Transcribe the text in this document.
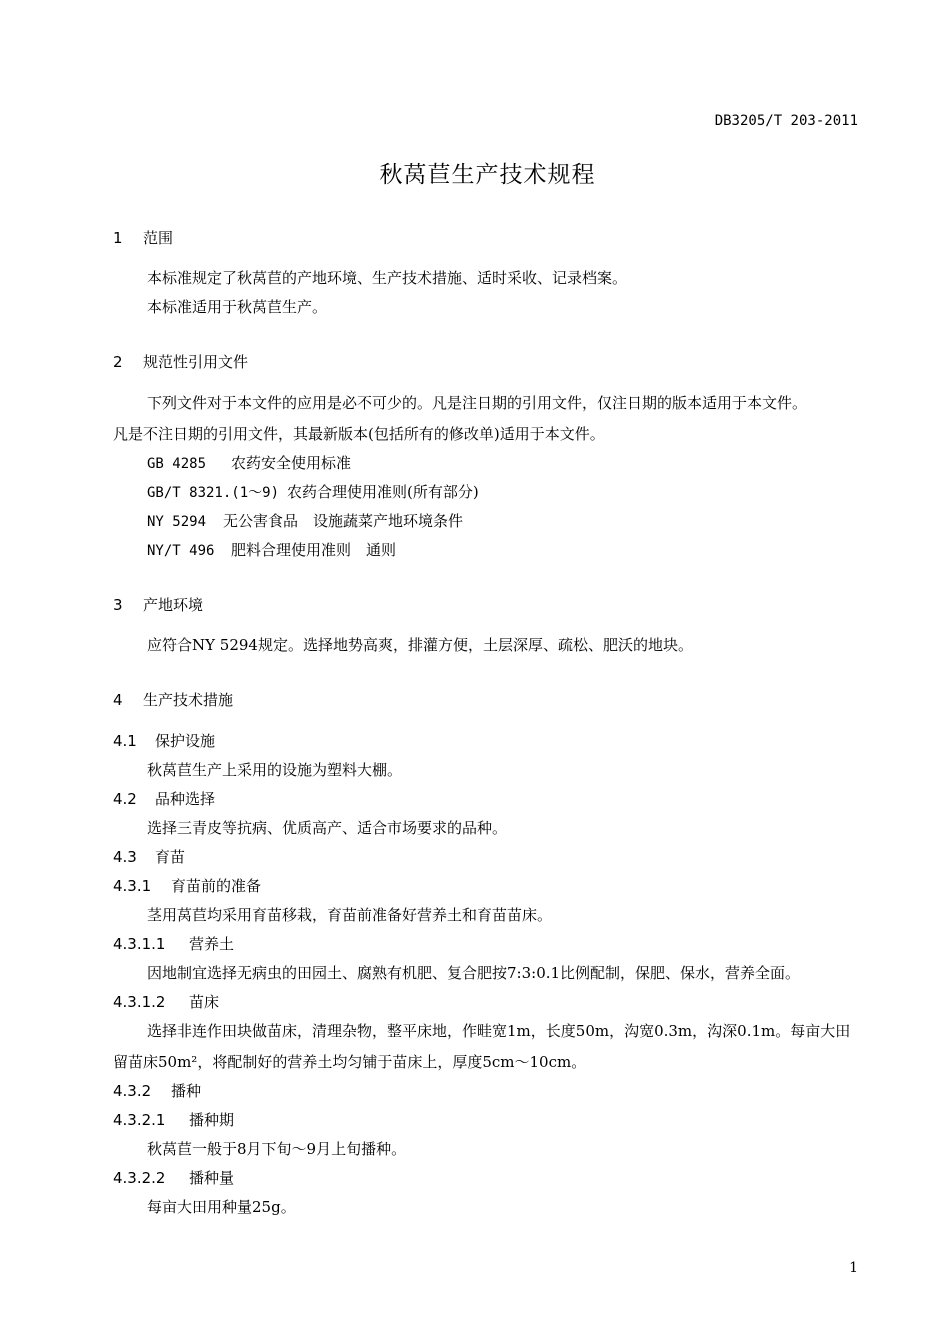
DB3205/T 203-2011
秋莴苣生产技术规程
1 范围
本标准规定了秋莴苣的产地环境、生产技术措施、适时采收、记录档案。
本标准适用于秋莴苣生产。
2 规范性引用文件
下列文件对于本文件的应用是必不可少的。凡是注日期的引用文件，仅注日期的版本适用于本文件。
凡是不注日期的引用文件，其最新版本(包括所有的修改单)适用于本文件。
GB 4285 农药安全使用标准
GB/T 8321.(1～9) 农药合理使用准则(所有部分)
NY 5294 无公害食品　设施蔬菜产地环境条件
NY/T 496 肥料合理使用准则　通则
3 产地环境
应符合NY 5294规定。选择地势高爽，排灌方便，土层深厚、疏松、肥沃的地块。
4 生产技术措施
4.1 保护设施
秋莴苣生产上采用的设施为塑料大棚。
4.2 品种选择
选择三青皮等抗病、优质高产、适合市场要求的品种。
4.3 育苗
4.3.1 育苗前的准备
茎用莴苣均采用育苗移栽，育苗前准备好营养土和育苗苗床。
4.3.1.1 营养土
因地制宜选择无病虫的田园土、腐熟有机肥、复合肥按7:3:0.1比例配制，保肥、保水，营养全面。
4.3.1.2 苗床
选择非连作田块做苗床，清理杂物，整平床地，作畦宽1m，长度50m，沟宽0.3m，沟深0.1m。每亩大田
留苗床50m²，将配制好的营养土均匀铺于苗床上，厚度5cm～10cm。
4.3.2 播种
4.3.2.1 播种期
秋莴苣一般于8月下旬～9月上旬播种。
4.3.2.2 播种量
每亩大田用种量25g。
1
